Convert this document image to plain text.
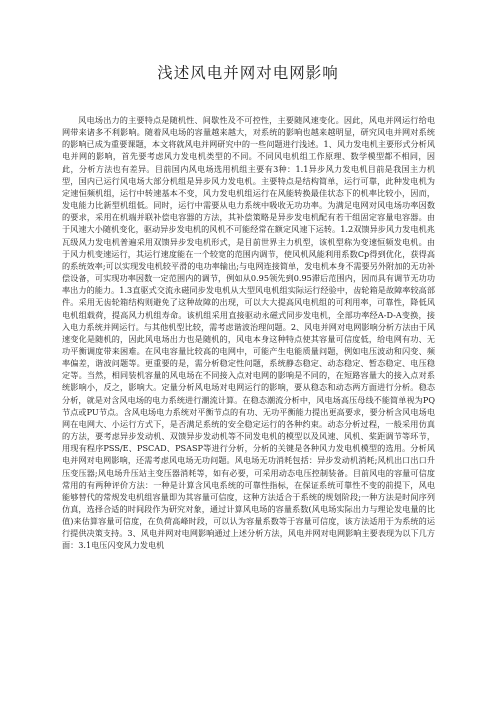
浅述风电并网对电网影响

风电场出力的主要特点是随机性、间歇性及不可控性，主要随风速变化。因此，风电并网运行给电网带来诸多不利影响。随着风电场的容量越来越大，对系统的影响也越来越明显，研究风电并网对系统的影响已成为重要课题，本文将就风电并网研究中的一些问题进行浅述。1、风力发电机主要形式分析风电并网的影响，首先要考虑风力发电机类型的不同。不同风电机组工作原理、数学模型都不相同，因此，分析方法也有差异。目前国内风电场选用机组主要有3种：1.1异步风力发电机目前是我国主力机型，国内已运行风电场大部分机组是异步风力发电机。主要特点是结构简单，运行可靠，此种发电机为定速恒频机组，运行中转速基本不变，风力发电机组运行在风能转换最佳状态下的机率比较小，因而，发电能力比新型机组低。同时，运行中需要从电力系统中吸收无功功率。为满足电网对风电场功率因数的要求，采用在机端并联补偿电容器的方法，其补偿策略是异步发电机配有若干组固定容量电容器。由于风速大小随机变化，驱动异步发电机的风机不可能经常在额定风速下运转。1.2双馈异步风力发电机兆瓦级风力发电机普遍采用双馈异步发电机形式，是目前世界主力机型，该机型称为变速恒频发电机。由于风力机变速运行，其运行速度能在一个较宽的范围内调节，使风机风能利用系数Cp得到优化，获得高的系统效率;可以实现发电机较平滑的电功率输出;与电网连接简单，发电机本身不需要另外附加的无功补偿设备，可实现功率因数一定范围内的调节，例如从0.95领先到0.95滞后范围内，因而具有调节无功功率出力的能力。1.3直驱式交流永磁同步发电机从大型风电机组实际运行经验中，齿轮箱是故障率较高部件。采用无齿轮箱结构则避免了这种故障的出现，可以大大提高风电机组的可利用率，可靠性，降低风电机组载荷，提高风力机组寿命。该机组采用直接驱动永磁式同步发电机，全部功率经A-D-A变换，接入电力系统并网运行。与其他机型比较，需考虑谐波治理问题。2、风电并网对电网影响分析方法由于风速变化是随机的，因此风电场出力也是随机的，风电本身这种特点使其容量可信度低，给电网有功、无功平衡调度带来困难。在风电容量比较高的电网中，可能产生电能质量问题，例如电压波动和闪变、频率偏差，谐波问题等。更重要的是，需分析稳定性问题，系统静态稳定、动态稳定、暂态稳定、电压稳定等。当然，相同装机容量的风电场在不同接入点对电网的影响是不同的，在短路容量大的接入点对系统影响小，反之，影响大。定量分析风电场对电网运行的影响，要从稳态和动态两方面进行分析。稳态分析，就是对含风电场的电力系统进行潮流计算。在稳态潮流分析中，风电场高压母线不能简单视为PQ节点或PU节点。含风电场电力系统对平衡节点的有功、无功平衡能力提出更高要求，要分析含风电场电网在电网大、小运行方式下，是否满足系统的安全稳定运行的各种约束。动态分析过程，一般采用仿真的方法，要考虑异步发动机、双馈异步发动机等不同发电机的模型以及风速、风机、桨距调节等环节，用现有程序PSS/E、PSCAD、PSASP等进行分析，分析的关键是各种风力发电机模型的选用。分析风电并网对电网影响，还需考虑风电场无功问题。风电场无功消耗包括：异步发动机消耗;风机出口出口升压变压器;风电场升压站主变压器消耗等，如有必要，可采用动态电压控制装备。目前风电的容量可信度常用的有两种评价方法：一种是计算含风电系统的可靠性指标，在保证系统可靠性不变的前提下，风电能够替代的常规发电机组容量即为其容量可信度，这种方法适合于系统的规划阶段;一种方法是时间序列仿真，选择合适的时间段作为研究对象，通过计算风电场的容量系数(风电场实际出力与理论发电量的比值)来估算容量可信度，在负荷高峰时段，可以认为容量系数等于容量可信度，该方法适用于为系统的运行提供决策支持。3、风电并网对电网影响通过上述分析方法，风电并网对电网影响主要表现为以下几方面：3.1电压闪变风力发电机
